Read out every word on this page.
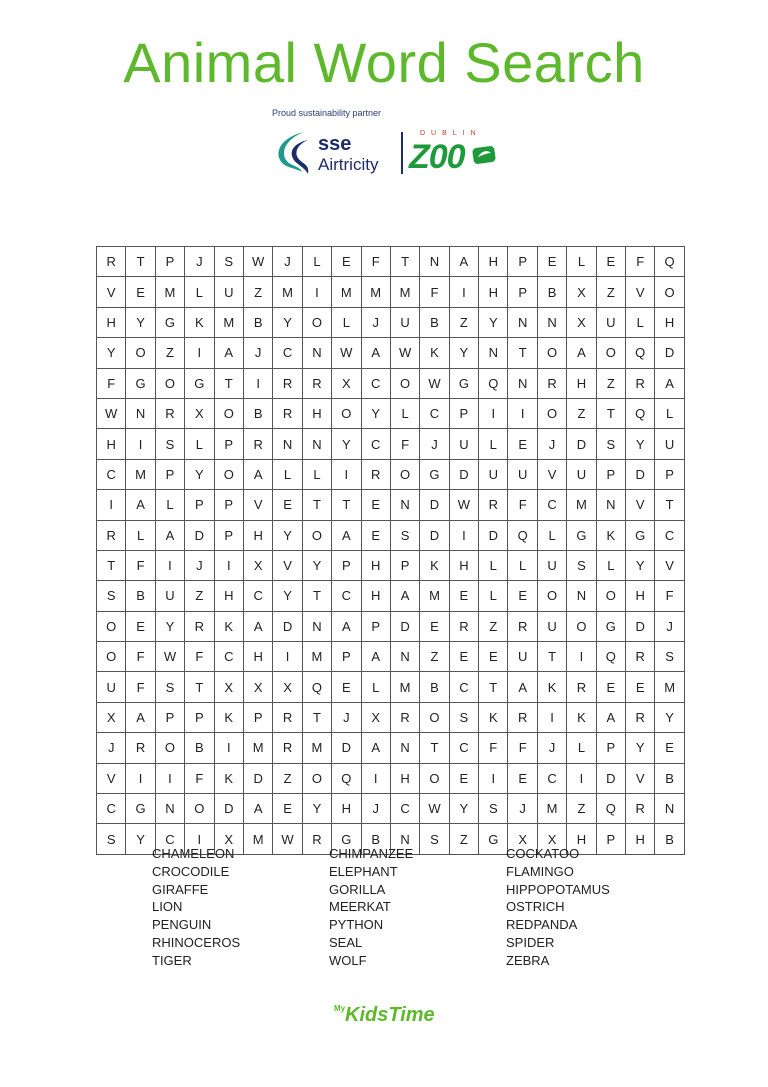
Animal Word Search
Proud sustainability partner
sse
Airtricity
DUBLIN
Z00
R	T	P	J	S	W	J	L	E	F	T	N	A	H	P	E	L	E	F	Q
V	E	M	L	U	Z	M	I	M	M	M	F	I	H	P	B	X	Z	V	O
H	Y	G	K	M	B	Y	O	L	J	U	B	Z	Y	N	N	X	U	L	H
Y	O	Z	I	A	J	C	N	W	A	W	K	Y	N	T	O	A	O	Q	D
F	G	O	G	T	I	R	R	X	C	O	W	G	Q	N	R	H	Z	R	A
W	N	R	X	O	B	R	H	O	Y	L	C	P	I	I	O	Z	T	Q	L
H	I	S	L	P	R	N	N	Y	C	F	J	U	L	E	J	D	S	Y	U
C	M	P	Y	O	A	L	L	I	R	O	G	D	U	U	V	U	P	D	P
I	A	L	P	P	V	E	T	T	E	N	D	W	R	F	C	M	N	V	T
R	L	A	D	P	H	Y	O	A	E	S	D	I	D	Q	L	G	K	G	C
T	F	I	J	I	X	V	Y	P	H	P	K	H	L	L	U	S	L	Y	V
S	B	U	Z	H	C	Y	T	C	H	A	M	E	L	E	O	N	O	H	F
O	E	Y	R	K	A	D	N	A	P	D	E	R	Z	R	U	O	G	D	J
O	F	W	F	C	H	I	M	P	A	N	Z	E	E	U	T	I	Q	R	S
U	F	S	T	X	X	X	Q	E	L	M	B	C	T	A	K	R	E	E	M
X	A	P	P	K	P	R	T	J	X	R	O	S	K	R	I	K	A	R	Y
J	R	O	B	I	M	R	M	D	A	N	T	C	F	F	J	L	P	Y	E
V	I	I	F	K	D	Z	O	Q	I	H	O	E	I	E	C	I	D	V	B
C	G	N	O	D	A	E	Y	H	J	C	W	Y	S	J	M	Z	Q	R	N
S	Y	C	I	X	M	W	R	G	B	N	S	Z	G	X	X	H	P	H	B
CHAMELEON
CROCODILE
GIRAFFE
LION
PENGUIN
RHINOCEROS
TIGER
CHIMPANZEE
ELEPHANT
GORILLA
MEERKAT
PYTHON
SEAL
WOLF
COCKATOO
FLAMINGO
HIPPOPOTAMUS
OSTRICH
REDPANDA
SPIDER
ZEBRA
My KidsTime
